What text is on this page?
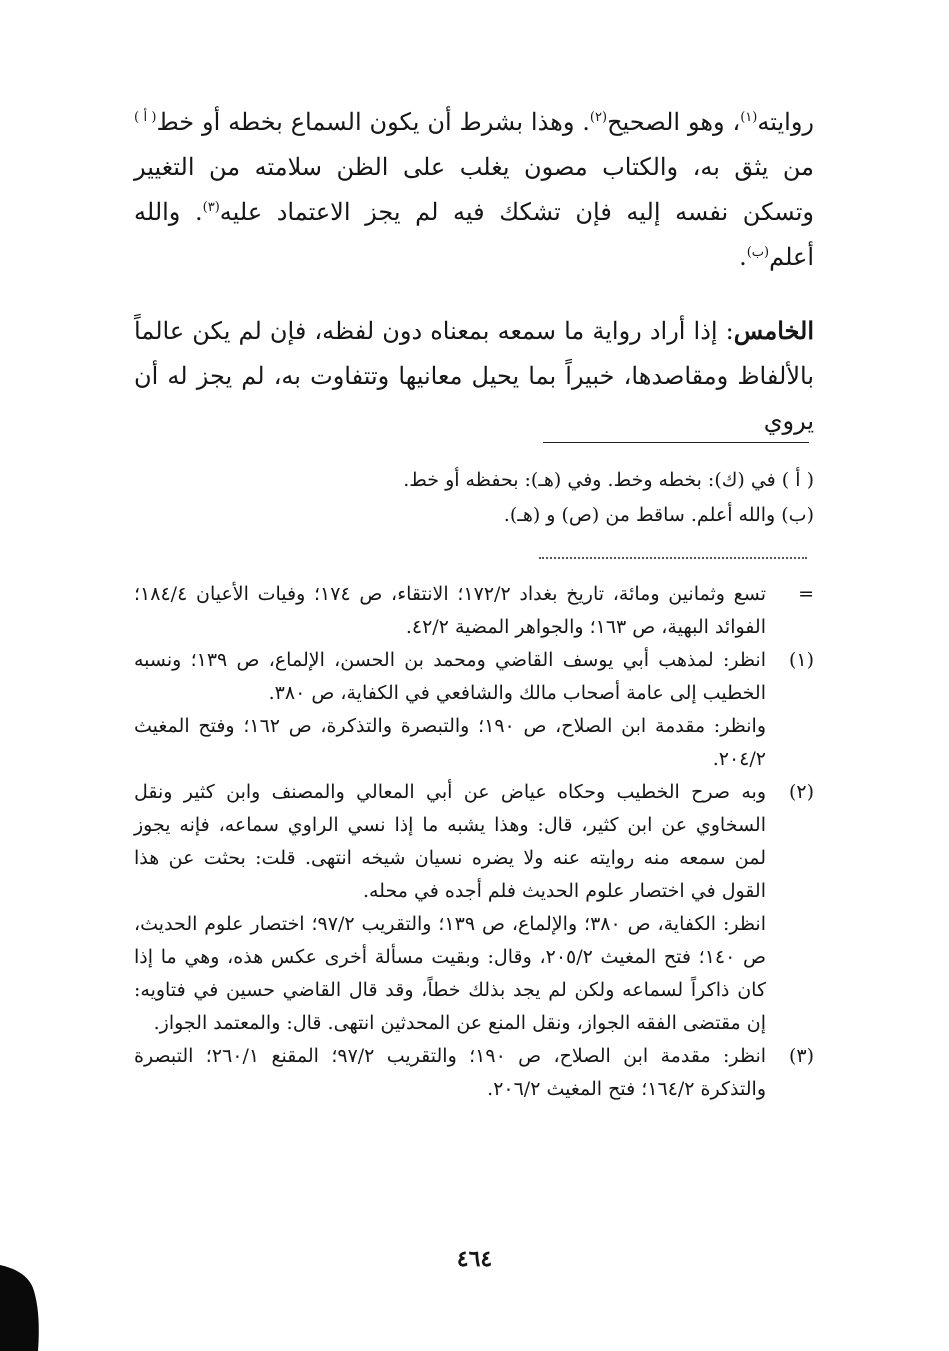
روايته$^{(١)}$، وهو الصحيح$^{(٢)}$. وهذا بشرط أن يكون السماع بخطه أو خط$^{( أ )}$ من يثق به، والكتاب مصون يغلب على الظن سلامته من التغيير وتسكن نفسه إليه فإن تشكك فيه لم يجز الاعتماد عليه$^{(٣)}$. والله أعلم$^{(ب)}$.

الخامس: إذا أراد رواية ما سمعه بمعناه دون لفظه، فإن لم يكن عالماً بالألفاظ ومقاصدها، خبيراً بما يحيل معانيها وتتفاوت به، لم يجز له أن يروي

( أ ) في (ك): بخطه وخط. وفي (هـ): بحفظه أو خط.
(ب) والله أعلم. ساقط من (ص) و (هـ).
=

تسع وثمانين ومائة، تاريخ بغداد ١٧٢/٢؛ الانتقاء، ص ١٧٤؛ وفيات الأعيان ١٨٤/٤؛ الفوائد البهية، ص ١٦٣؛ والجواهر المضية ٤٢/٢.

(١)

انظر: لمذهب أبي يوسف القاضي ومحمد بن الحسن، الإلماع، ص ١٣٩؛ ونسبه الخطيب إلى عامة أصحاب مالك والشافعي في الكفاية، ص ٣٨٠.

وانظر: مقدمة ابن الصلاح، ص ١٩٠؛ والتبصرة والتذكرة، ص ١٦٢؛ وفتح المغيث ٢٠٤/٢.

(٢)

وبه صرح الخطيب وحكاه عياض عن أبي المعالي والمصنف وابن كثير ونقل السخاوي عن ابن كثير، قال: وهذا يشبه ما إذا نسي الراوي سماعه، فإنه يجوز لمن سمعه منه روايته عنه ولا يضره نسيان شيخه انتهى. قلت: بحثت عن هذا القول في اختصار علوم الحديث فلم أجده في محله.

انظر: الكفاية، ص ٣٨٠؛ والإلماع، ص ١٣٩؛ والتقريب ٩٧/٢؛ اختصار علوم الحديث، ص ١٤٠؛ فتح المغيث ٢٠٥/٢، وقال: وبقيت مسألة أخرى عكس هذه، وهي ما إذا كان ذاكراً لسماعه ولكن لم يجد بذلك خطاً، وقد قال القاضي حسين في فتاويه: إن مقتضى الفقه الجواز، ونقل المنع عن المحدثين انتهى. قال: والمعتمد الجواز.

(٣)

انظر: مقدمة ابن الصلاح، ص ١٩٠؛ والتقريب ٩٧/٢؛ المقنع ٢٦٠/١؛ التبصرة والتذكرة ١٦٤/٢؛ فتح المغيث ٢٠٦/٢.

٤٦٤
